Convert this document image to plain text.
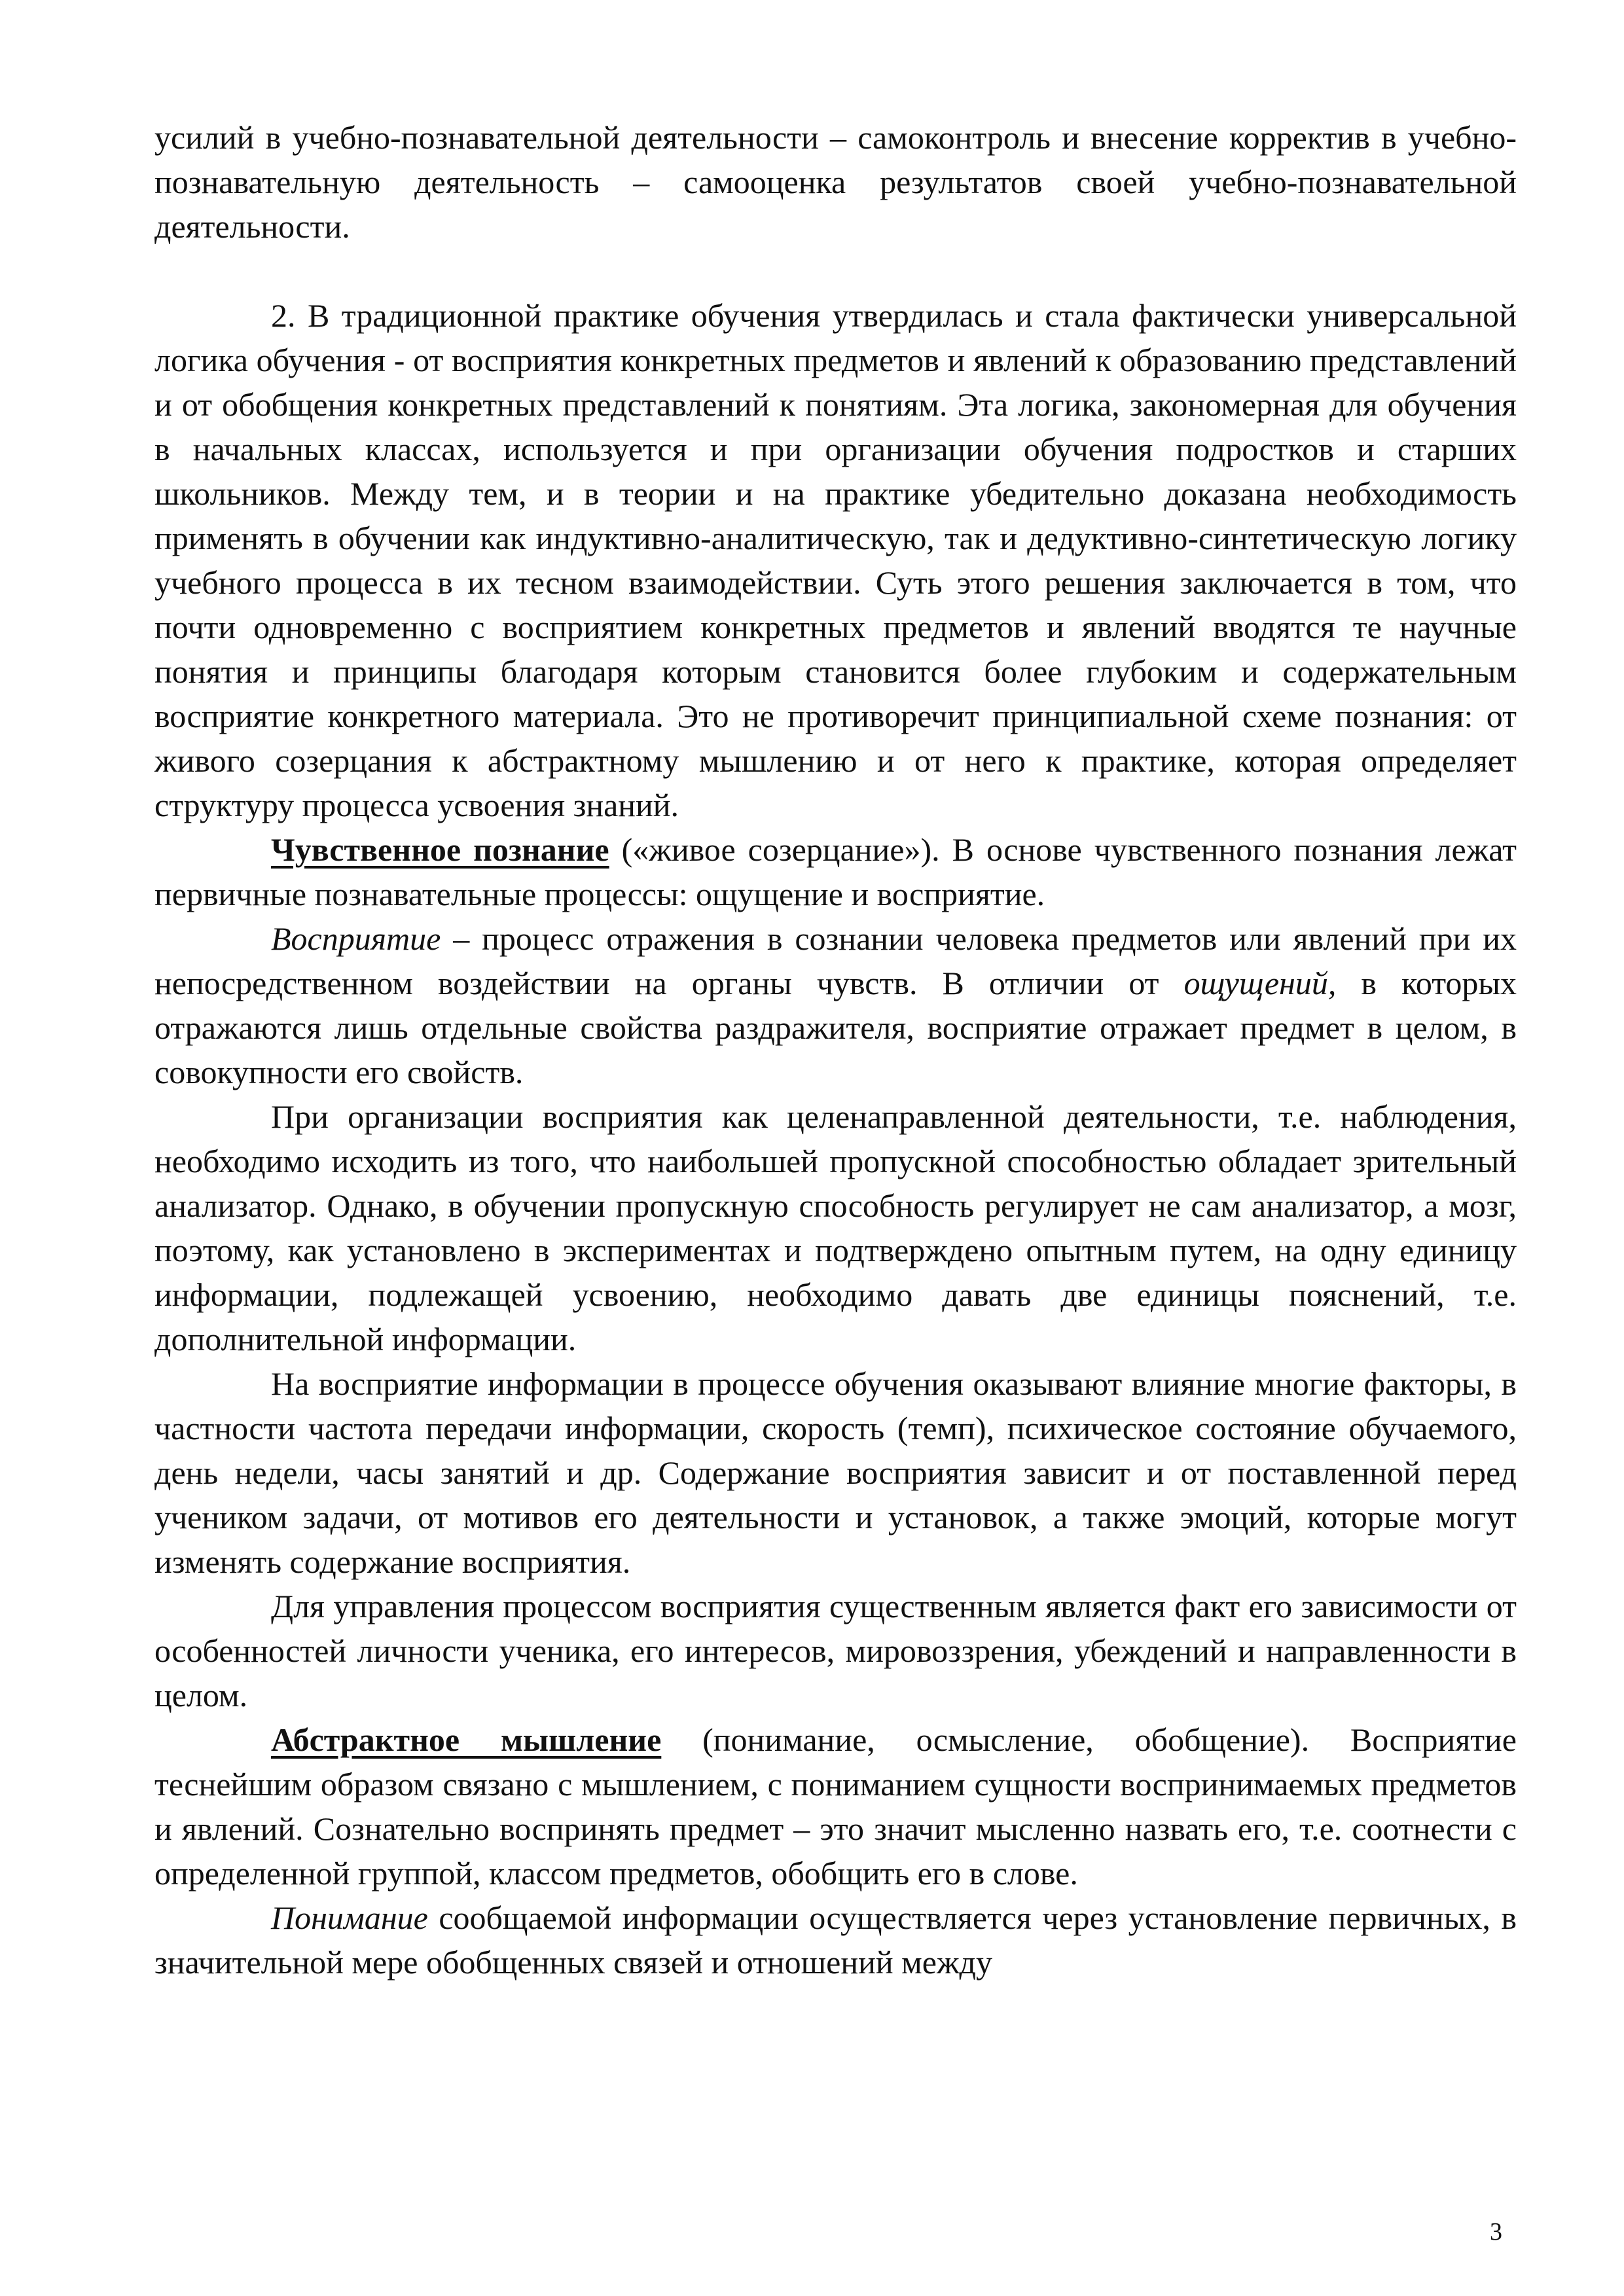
усилий в учебно-познавательной деятельности – самоконтроль и внесение корректив в учебно- познавательную деятельность – самооценка результатов своей учебно-познавательной деятельности.

2. В традиционной практике обучения утвердилась и стала фактически универсальной логика обучения - от восприятия конкретных предметов и явлений к образованию представлений и от обобщения конкретных представлений к понятиям. Эта логика, закономерная для обучения в начальных классах, используется и при организации обучения подростков и старших школьников. Между тем, и в теории и на практике убедительно доказана необходимость применять в обучении как индуктивно-аналитическую, так и дедуктивно-синтетическую логику учебного процесса в их тесном взаимодействии. Суть этого решения заключается в том, что почти одновременно с восприятием конкретных предметов и явлений вводятся те научные понятия и принципы благодаря которым становится более глубоким и содержательным восприятие конкретного материала. Это не противоречит принципиальной схеме познания: от живого созерцания к абстрактному мышлению и от него к практике, которая определяет структуру процесса усвоения знаний.

Чувственное познание («живое созерцание»). В основе чувственного познания лежат первичные познавательные процессы: ощущение и восприятие.

Восприятие – процесс отражения в сознании человека предметов или явлений при их непосредственном воздействии на органы чувств. В отличии от ощущений, в которых отражаются лишь отдельные свойства раздражителя, восприятие отражает предмет в целом, в совокупности его свойств.

При организации восприятия как целенаправленной деятельности, т.е. наблюдения, необходимо исходить из того, что наибольшей пропускной способностью обладает зрительный анализатор. Однако, в обучении пропускную способность регулирует не сам анализатор, а мозг, поэтому, как установлено в экспериментах и подтверждено опытным путем, на одну единицу информации, подлежащей усвоению, необходимо давать две единицы пояснений, т.е. дополнительной информации.

На восприятие информации в процессе обучения оказывают влияние многие факторы, в частности частота передачи информации, скорость (темп), психическое состояние обучаемого, день недели, часы занятий и др. Содержание восприятия зависит и от поставленной перед учеником задачи, от мотивов его деятельности и установок, а также эмоций, которые могут изменять содержание восприятия.

Для управления процессом восприятия существенным является факт его зависимости от особенностей личности ученика, его интересов, мировоззрения, убеждений и направленности в целом.

Абстрактное мышление (понимание, осмысление, обобщение). Восприятие теснейшим образом связано с мышлением, с пониманием сущности воспринимаемых предметов и явлений. Сознательно воспринять предмет – это значит мысленно назвать его, т.е. соотнести с определенной группой, классом предметов, обобщить его в слове.

Понимание сообщаемой информации осуществляется через установление первичных, в значительной мере обобщенных связей и отношений между

3
